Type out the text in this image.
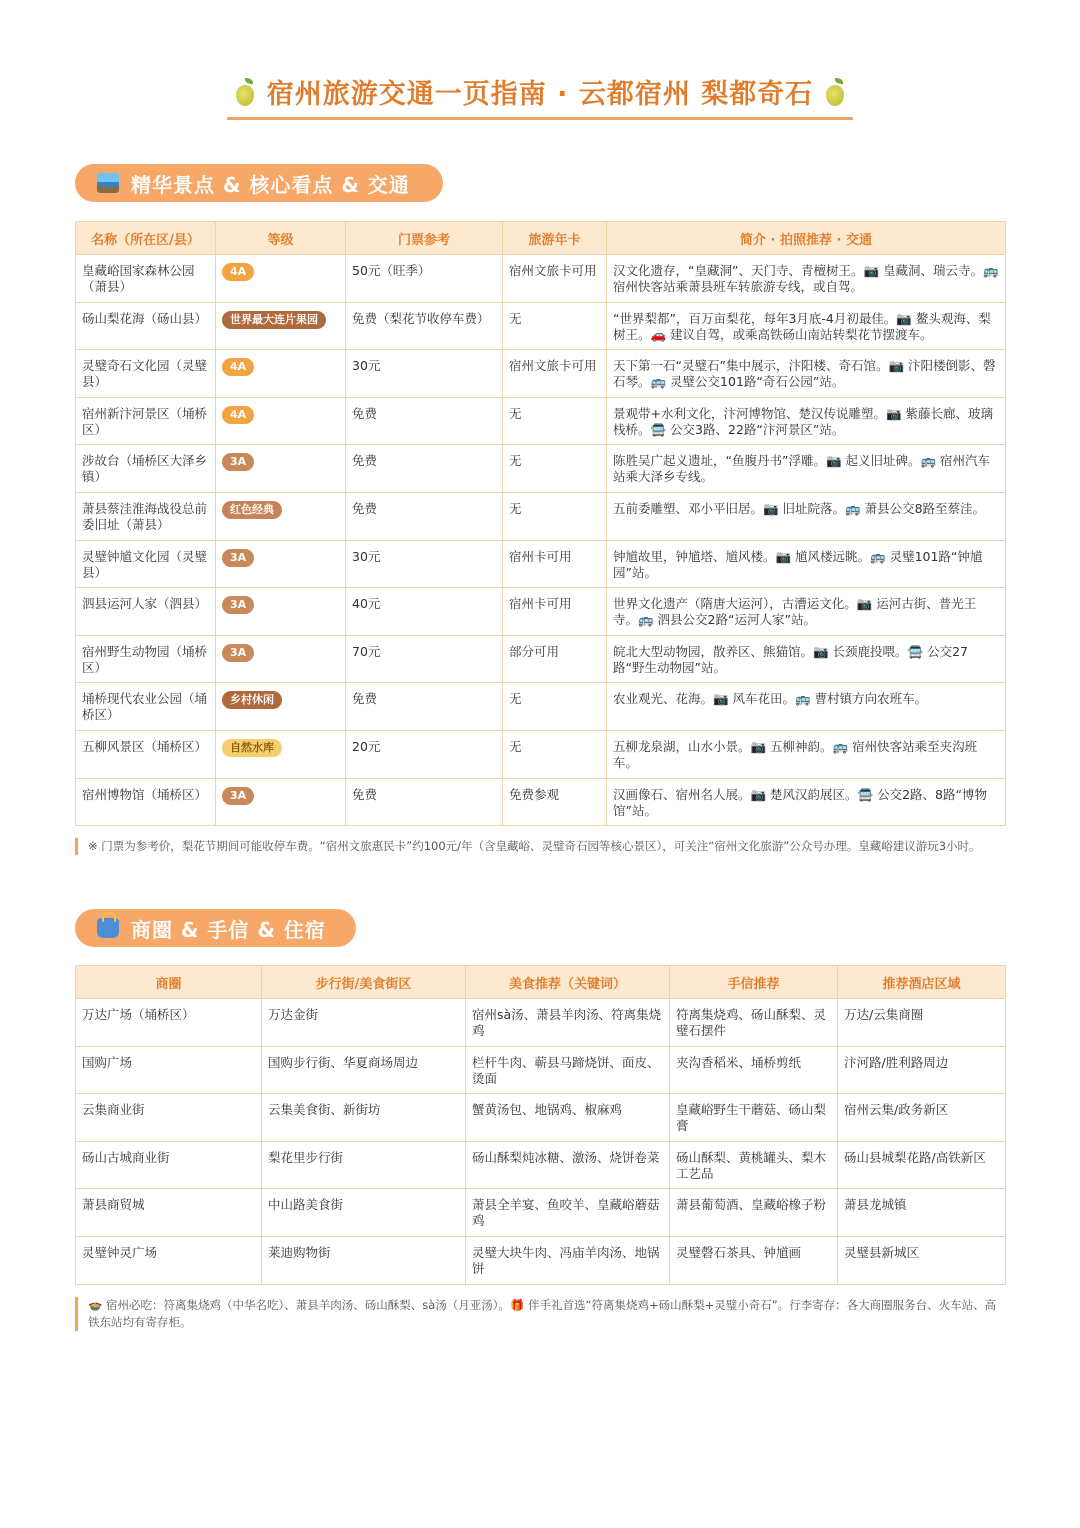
宿州旅游交通一页指南 · 云都宿州 梨都奇石
精华景点 & 核心看点 & 交通
名称（所在区/县）	等级	门票参考	旅游年卡	简介 · 拍照推荐 · 交通
皇藏峪国家森林公园（萧县）	4A	50元（旺季）	宿州文旅卡可用	汉文化遗存，“皇藏洞”、天门寺、青檀树王。📷 皇藏洞、瑞云寺。🚌 宿州快客站乘萧县班车转旅游专线，或自驾。
砀山梨花海（砀山县）	世界最大连片果园	免费（梨花节收停车费）	无	“世界梨都”，百万亩梨花，每年3月底-4月初最佳。📷 鳌头观海、梨树王。🚗 建议自驾，或乘高铁砀山南站转梨花节摆渡车。
灵璧奇石文化园（灵璧县）	4A	30元	宿州文旅卡可用	天下第一石“灵璧石”集中展示，汴阳楼、奇石馆。📷 汴阳楼倒影、磬石琴。🚌 灵璧公交101路“奇石公园”站。
宿州新汴河景区（埇桥区）	4A	免费	无	景观带+水利文化，汴河博物馆、楚汉传说雕塑。📷 紫藤长廊、玻璃栈桥。🚍 公交3路、22路“汴河景区”站。
涉故台（埇桥区大泽乡镇）	3A	免费	无	陈胜吴广起义遗址，“鱼腹丹书”浮雕。📷 起义旧址碑。🚌 宿州汽车站乘大泽乡专线。
萧县蔡洼淮海战役总前委旧址（萧县）	红色经典	免费	无	五前委雕塑、邓小平旧居。📷 旧址院落。🚌 萧县公交8路至蔡洼。
灵璧钟馗文化园（灵璧县）	3A	30元	宿州卡可用	钟馗故里，钟馗塔、馗风楼。📷 馗风楼远眺。🚌 灵璧101路“钟馗园”站。
泗县运河人家（泗县）	3A	40元	宿州卡可用	世界文化遗产（隋唐大运河），古漕运文化。📷 运河古街、普光王寺。🚌 泗县公交2路“运河人家”站。
宿州野生动物园（埇桥区）	3A	70元	部分可用	皖北大型动物园，散养区、熊猫馆。📷 长颈鹿投喂。🚍 公交27路“野生动物园”站。
埇桥现代农业公园（埇桥区）	乡村休闲	免费	无	农业观光、花海。📷 风车花田。🚌 曹村镇方向农班车。
五柳风景区（埇桥区）	自然水库	20元	无	五柳龙泉湖，山水小景。📷 五柳神韵。🚌 宿州快客站乘至夹沟班车。
宿州博物馆（埇桥区）	3A	免费	免费参观	汉画像石、宿州名人展。📷 楚风汉韵展区。🚍 公交2路、8路“博物馆”站。
※ 门票为参考价，梨花节期间可能收停车费。“宿州文旅惠民卡”约100元/年（含皇藏峪、灵璧奇石园等核心景区），可关注“宿州文化旅游”公众号办理。皇藏峪建议游玩3小时。
商圈 & 手信 & 住宿
商圈	步行街/美食街区	美食推荐（关键词）	手信推荐	推荐酒店区域
万达广场（埇桥区）	万达金街	宿州sà汤、萧县羊肉汤、符离集烧鸡	符离集烧鸡、砀山酥梨、灵璧石摆件	万达/云集商圈
国购广场	国购步行街、华夏商场周边	栏杆牛肉、蕲县马蹄烧饼、面皮、烫面	夹沟香稻米、埇桥剪纸	汴河路/胜利路周边
云集商业街	云集美食街、新街坊	蟹黄汤包、地锅鸡、椒麻鸡	皇藏峪野生干蘑菇、砀山梨膏	宿州云集/政务新区
砀山古城商业街	梨花里步行街	砀山酥梨炖冰糖、激汤、烧饼卷菜	砀山酥梨、黄桃罐头、梨木工艺品	砀山县城梨花路/高铁新区
萧县商贸城	中山路美食街	萧县全羊宴、鱼咬羊、皇藏峪蘑菇鸡	萧县葡萄酒、皇藏峪橡子粉	萧县龙城镇
灵璧钟灵广场	莱迪购物街	灵璧大块牛肉、冯庙羊肉汤、地锅饼	灵璧磬石茶具、钟馗画	灵璧县新城区
🍲 宿州必吃：符离集烧鸡（中华名吃）、萧县羊肉汤、砀山酥梨、sà汤（月亚汤）。🎁 伴手礼首选“符离集烧鸡+砀山酥梨+灵璧小奇石”。行李寄存：各大商圈服务台、火车站、高铁东站均有寄存柜。
